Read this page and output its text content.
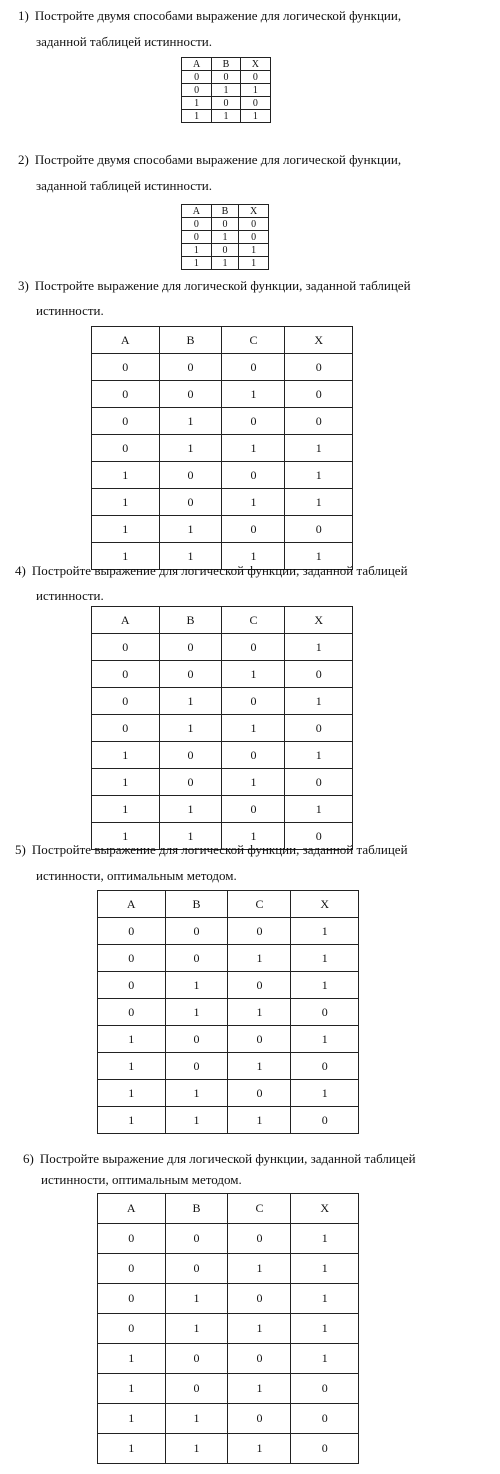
1) Постройте двумя способами выражение для логической функции,

заданной таблицей истинности.

A	B	X
0	0	0
0	1	1
1	0	0
1	1	1

2) Постройте двумя способами выражение для логической функции,

заданной таблицей истинности.

A	B	X
0	0	0
0	1	0
1	0	1
1	1	1

3) Постройте выражение для логической функции, заданной таблицей

истинности.

A	B	C	X
0	0	0	0
0	0	1	0
0	1	0	0
0	1	1	1
1	0	0	1
1	0	1	1
1	1	0	0
1	1	1	1

4) Постройте выражение для логической функции, заданной таблицей

истинности.

A	B	C	X
0	0	0	1
0	0	1	0
0	1	0	1
0	1	1	0
1	0	0	1
1	0	1	0
1	1	0	1
1	1	1	0

5) Постройте выражение для логической функции, заданной таблицей

истинности, оптимальным методом.

A	B	C	X
0	0	0	1
0	0	1	1
0	1	0	1
0	1	1	0
1	0	0	1
1	0	1	0
1	1	0	1
1	1	1	0

6) Постройте выражение для логической функции, заданной таблицей

истинности, оптимальным методом.

A	B	C	X
0	0	0	1
0	0	1	1
0	1	0	1
0	1	1	1
1	0	0	1
1	0	1	0
1	1	0	0
1	1	1	0
